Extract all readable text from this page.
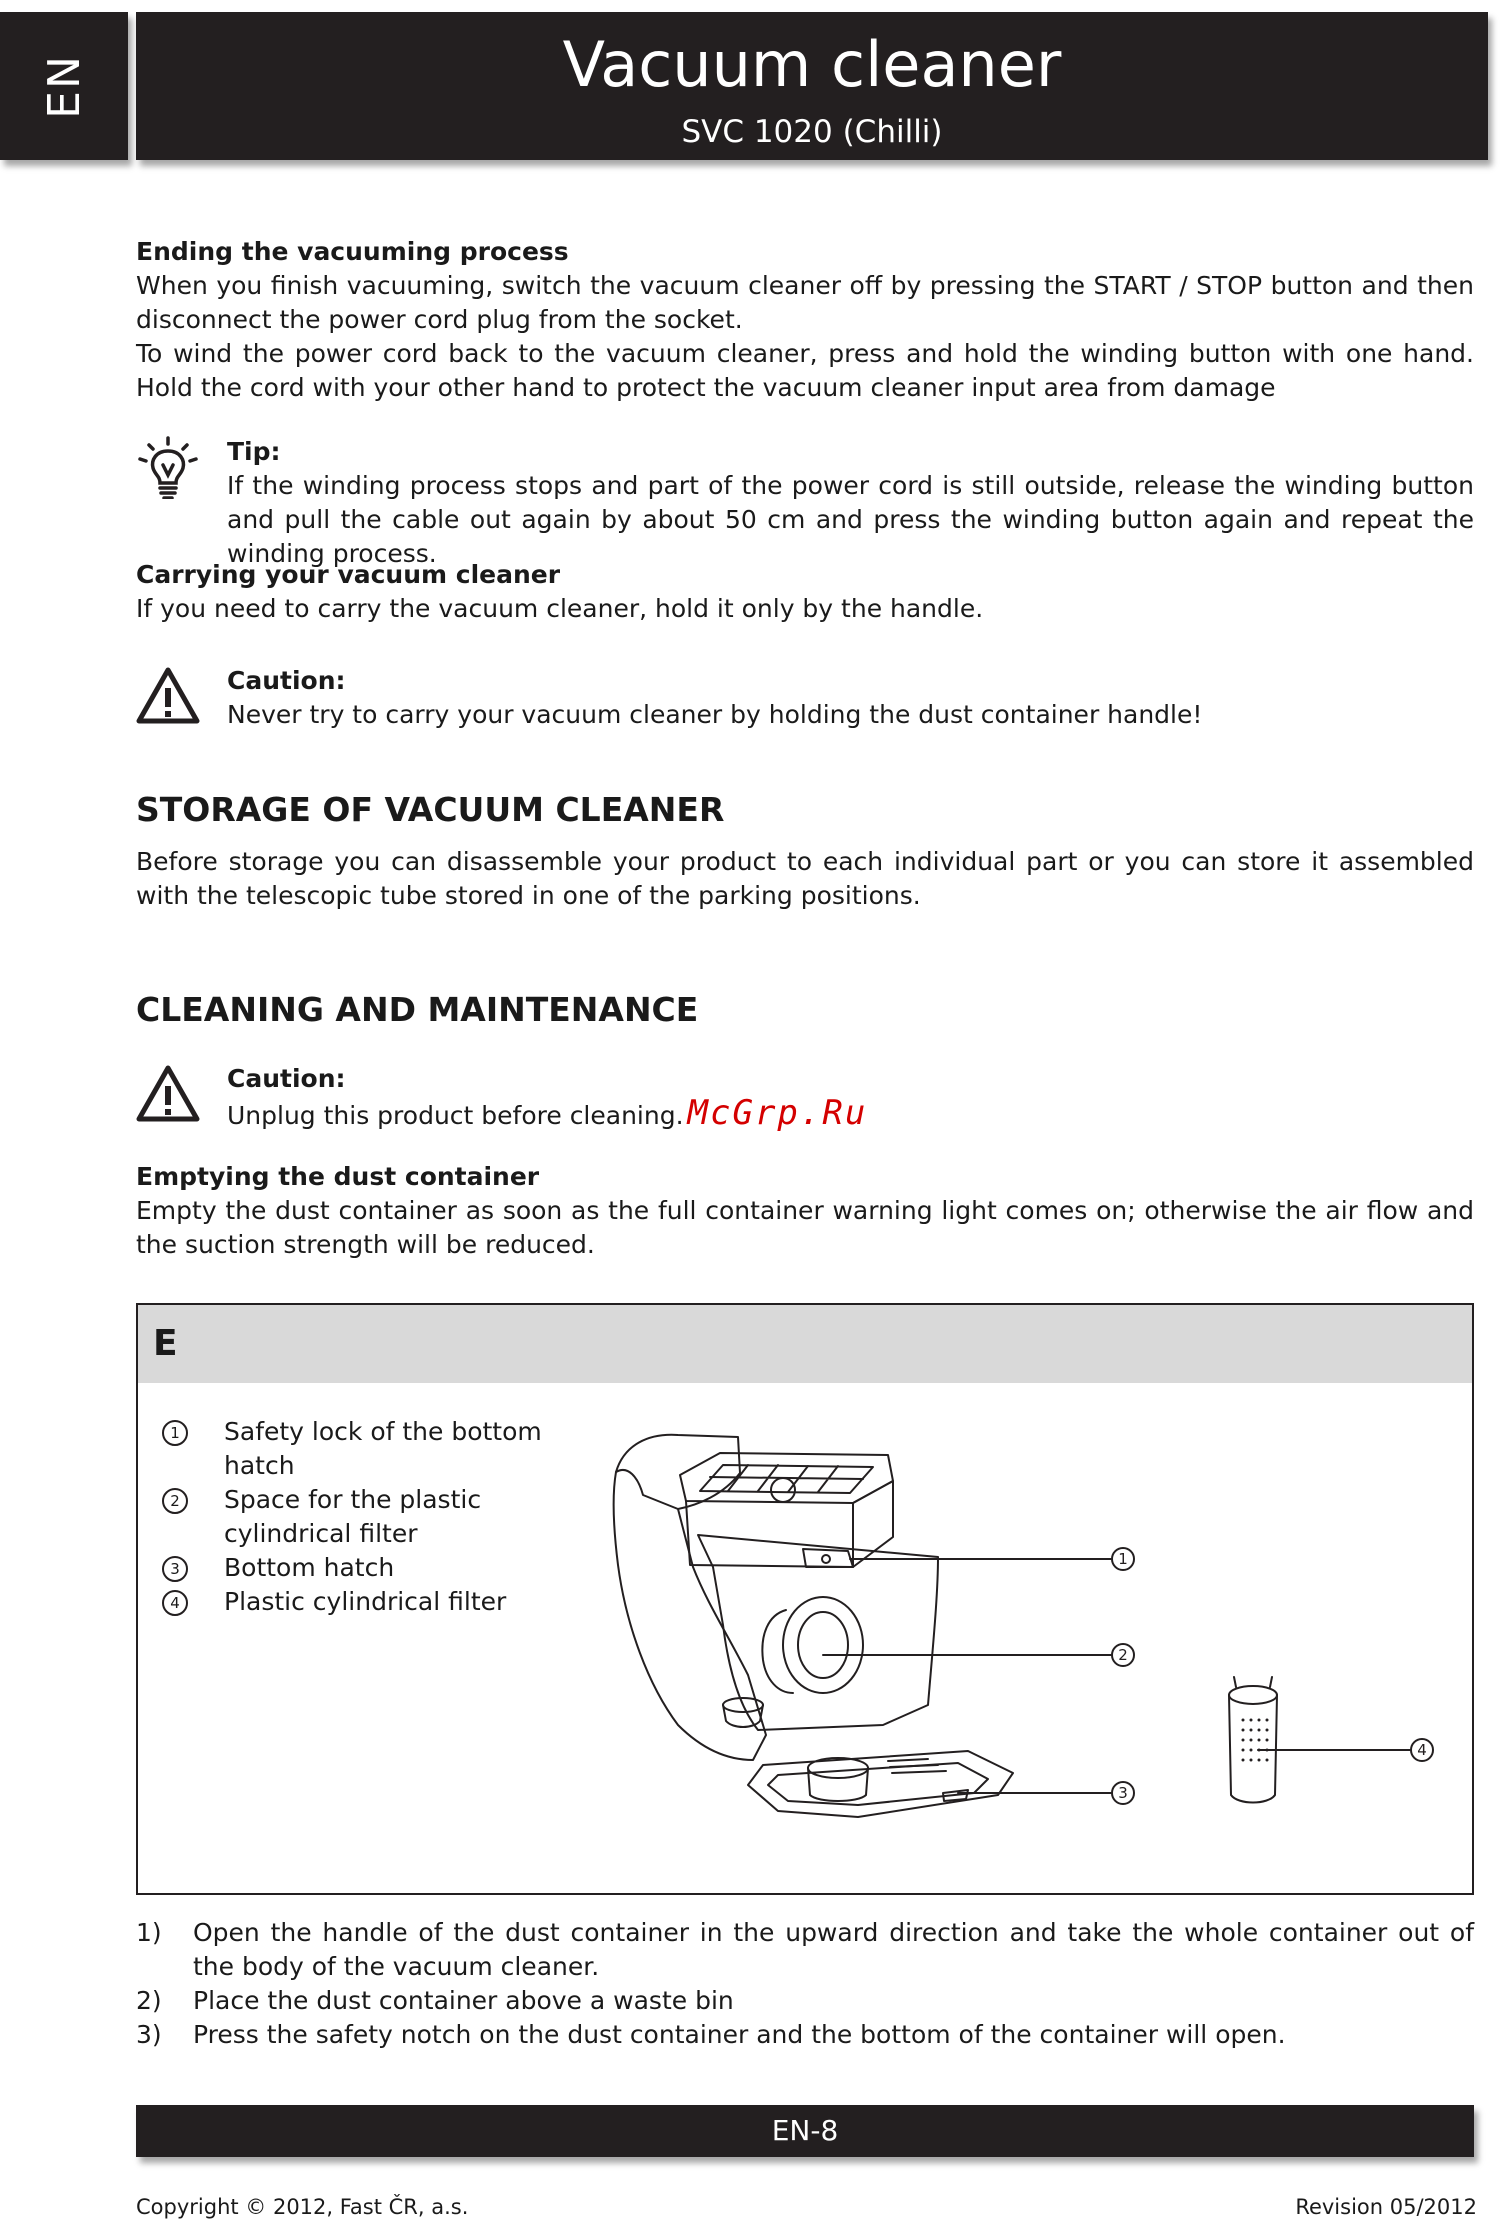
EN	Vacuum cleaner
SVC 1020 (Chilli)
Ending the vacuuming process
When you finish vacuuming, switch the vacuum cleaner off by pressing the START / STOP button and then disconnect the power cord plug from the socket.
To wind the power cord back to the vacuum cleaner, press and hold the winding button with one hand. Hold the cord with your other hand to protect the vacuum cleaner input area from damage
Tip:
If the winding process stops and part of the power cord is still outside, release the winding button and pull the cable out again by about 50 cm and press the winding button again and repeat the winding process.
Carrying your vacuum cleaner
If you need to carry the vacuum cleaner, hold it only by the handle.
Caution:
Never try to carry your vacuum cleaner by holding the dust container handle!
STORAGE OF VACUUM CLEANER
Before storage you can disassemble your product to each individual part or you can store it assembled with the telescopic tube stored in one of the parking positions.
CLEANING AND MAINTENANCE
Caution:
Unplug this product before cleaning. McGrp.Ru
Emptying the dust container
Empty the dust container as soon as the full container warning light comes on; otherwise the air flow and the suction strength will be reduced.
E
1	Safety lock of the bottom hatch
2	Space for the plastic cylindrical filter
3	Bottom hatch
4	Plastic cylindrical filter
1
2
3
4
1)	Open the handle of the dust container in the upward direction and take the whole container out of the body of the vacuum cleaner.
2)	Place the dust container above a waste bin
3)	Press the safety notch on the dust container and the bottom of the container will open.
EN-8
Copyright © 2012, Fast ČR, a.s.	Revision 05/2012
